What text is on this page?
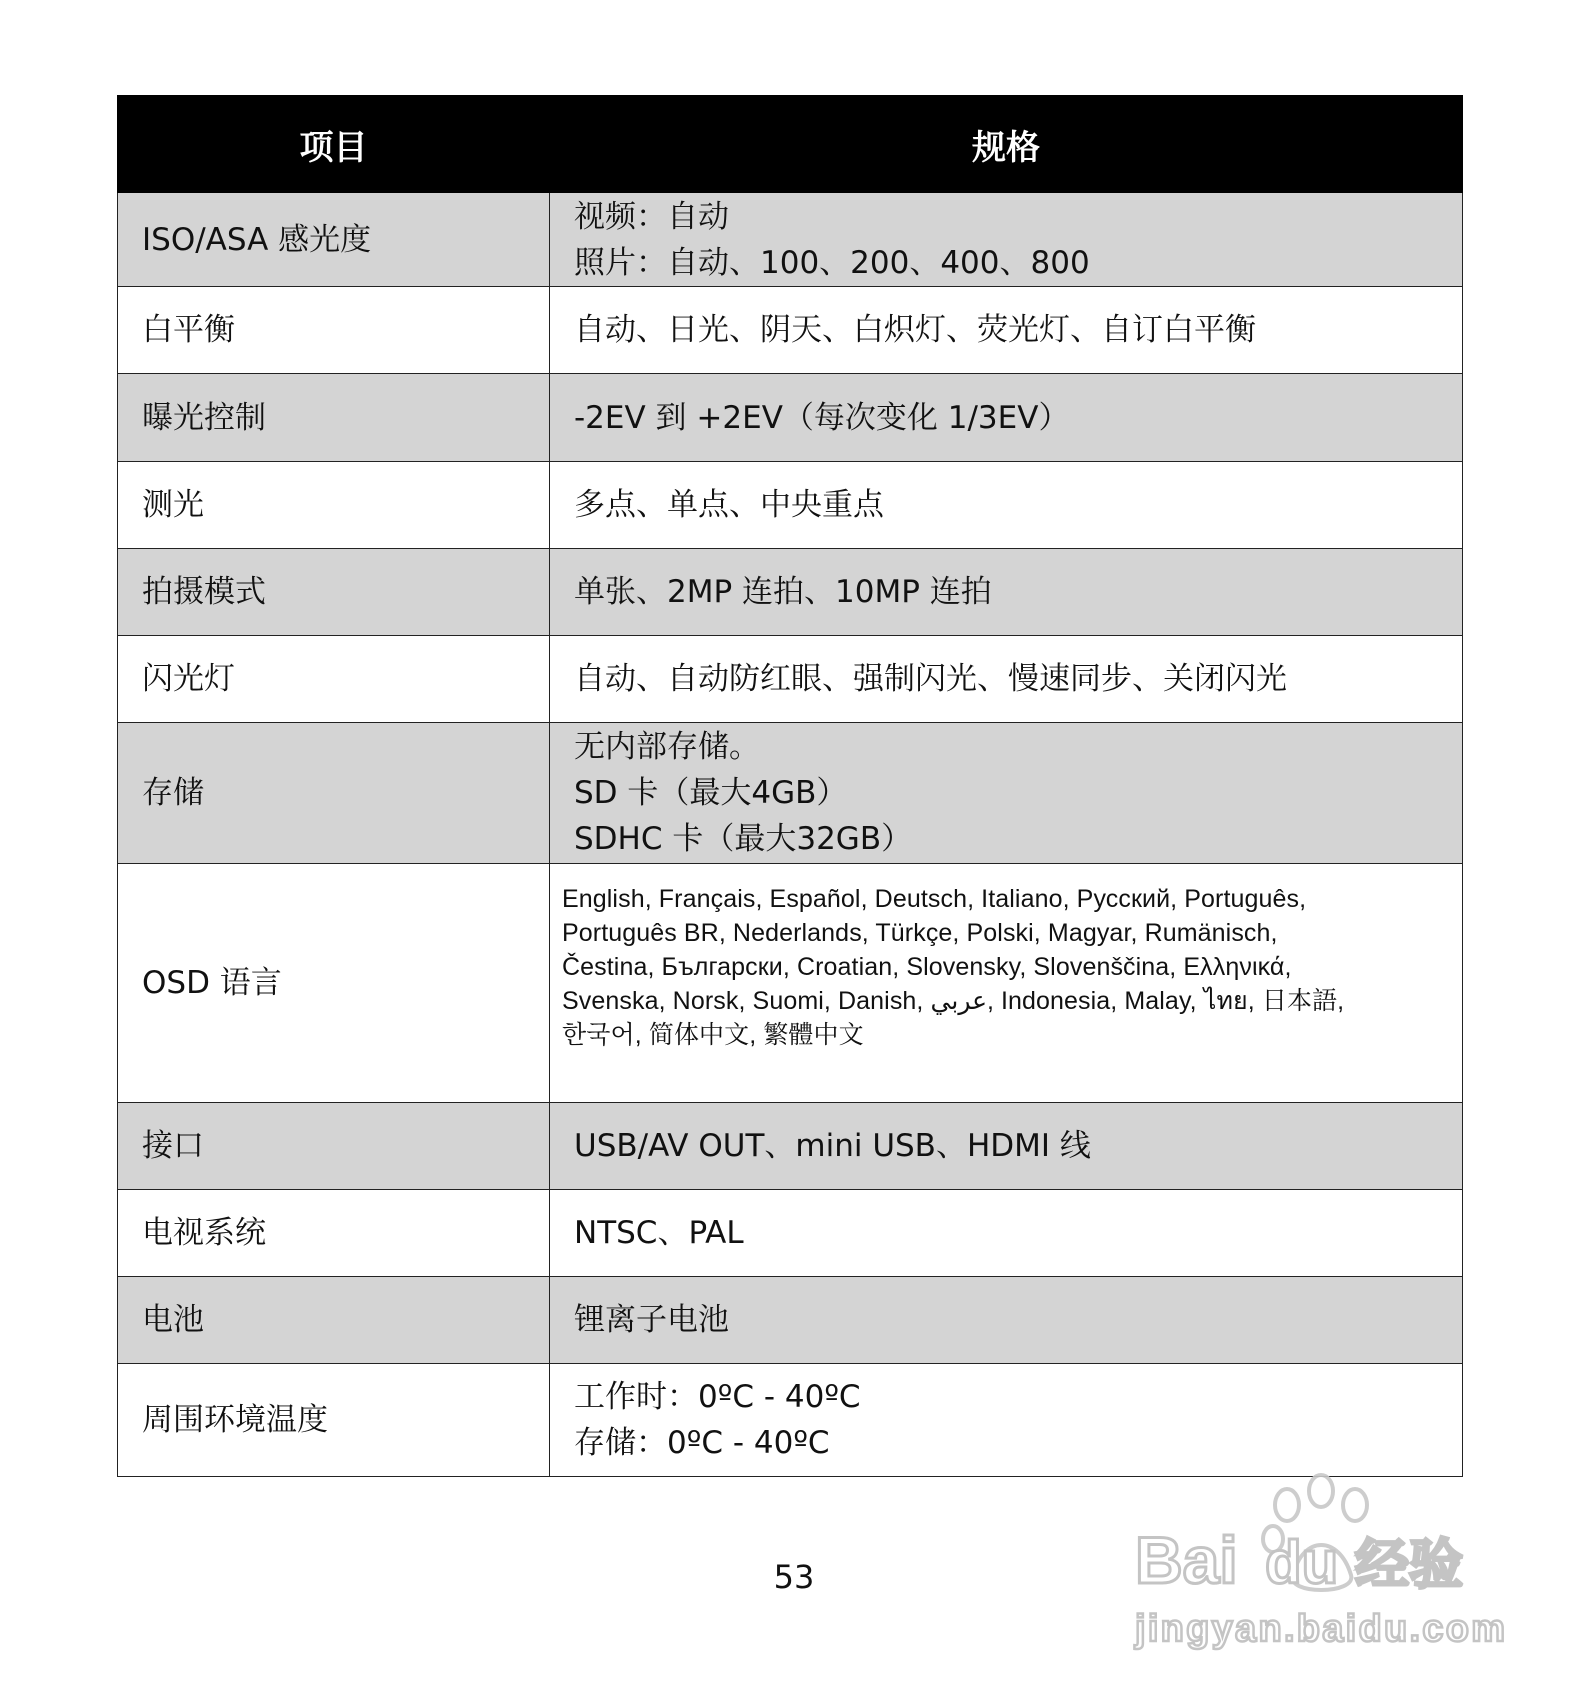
项目	规格
ISO/ASA 感光度	视频：自动
照片：自动、100、200、400、800

白平衡	自动、日光、阴天、白炽灯、荧光灯、自订白平衡

曝光控制	-2EV 到 +2EV（每次变化 1/3EV）

测光	多点、单点、中央重点

拍摄模式	单张、2MP 连拍、10MP 连拍

闪光灯	自动、自动防红眼、强制闪光、慢速同步、关闭闪光

存储	无内部存储。
SD 卡（最大4GB）
SDHC 卡（最大32GB）

OSD 语言	English, Français, Español, Deutsch, Italiano, Русский, Português,
Português BR, Nederlands, Türkçe, Polski, Magyar, Rumänisch,
Čestina, Български, Croatian, Slovensky, Slovenščina, Ελληνικά,
Svenska, Norsk, Suomi, Danish, عربي, Indonesia, Malay, ไทย, 日本語,
한국어, 简体中文, 繁體中文

接口	USB/AV OUT、mini USB、HDMI 线

电视系统	NTSC、PAL

电池	锂离子电池

周围环境温度	工作时：0ºC - 40ºC
存储：0ºC - 40ºC
53	Bai du 经验
jingyan.baidu.com
